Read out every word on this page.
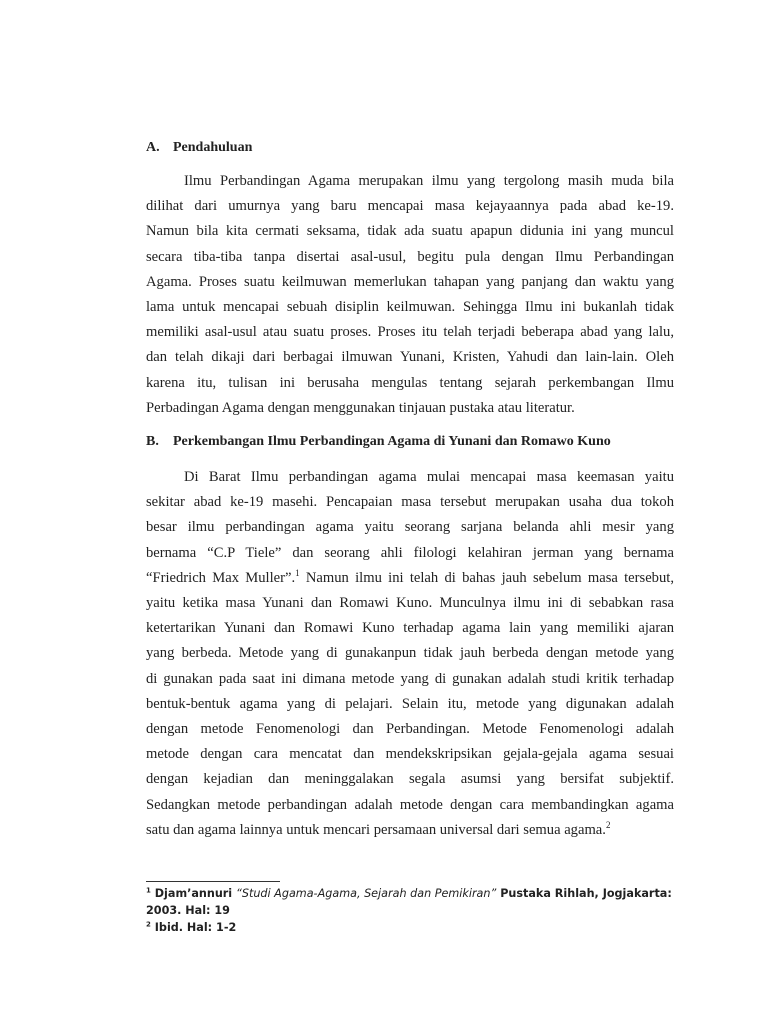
A. Pendahuluan
Ilmu Perbandingan Agama merupakan ilmu yang tergolong masih muda bila
dilihat dari umurnya yang baru mencapai masa kejayaannya pada abad ke-19.
Namun bila kita cermati seksama, tidak ada suatu apapun didunia ini yang muncul
secara tiba-tiba tanpa disertai asal-usul, begitu pula dengan Ilmu Perbandingan
Agama. Proses suatu keilmuwan memerlukan tahapan yang panjang dan waktu yang
lama untuk mencapai sebuah disiplin keilmuwan. Sehingga Ilmu ini bukanlah tidak
memiliki asal-usul atau suatu proses. Proses itu telah terjadi beberapa abad yang lalu,
dan telah dikaji dari berbagai ilmuwan Yunani, Kristen, Yahudi dan lain-lain. Oleh
karena itu, tulisan ini berusaha mengulas tentang sejarah perkembangan Ilmu
Perbadingan Agama dengan menggunakan tinjauan pustaka atau literatur.
B. Perkembangan Ilmu Perbandingan Agama di Yunani dan Romawo Kuno
Di Barat Ilmu perbandingan agama mulai mencapai masa keemasan yaitu
sekitar abad ke-19 masehi. Pencapaian masa tersebut merupakan usaha dua tokoh
besar ilmu perbandingan agama yaitu seorang sarjana belanda ahli mesir yang
bernama “C.P Tiele” dan seorang ahli filologi kelahiran jerman yang bernama
“Friedrich Max Muller”.$^1$ Namun ilmu ini telah di bahas jauh sebelum masa tersebut,
yaitu ketika masa Yunani dan Romawi Kuno. Munculnya ilmu ini di sebabkan rasa
ketertarikan Yunani dan Romawi Kuno terhadap agama lain yang memiliki ajaran
yang berbeda. Metode yang di gunakanpun tidak jauh berbeda dengan metode yang
di gunakan pada saat ini dimana metode yang di gunakan adalah studi kritik terhadap
bentuk-bentuk agama yang di pelajari. Selain itu, metode yang digunakan adalah
dengan metode Fenomenologi dan Perbandingan. Metode Fenomenologi adalah
metode dengan cara mencatat dan mendekskripsikan gejala-gejala agama sesuai
dengan kejadian dan meninggalakan segala asumsi yang bersifat subjektif.
Sedangkan metode perbandingan adalah metode dengan cara membandingkan agama
satu dan agama lainnya untuk mencari persamaan universal dari semua agama.$^2$
$^1$ Djam’annuri “Studi Agama-Agama, Sejarah dan Pemikiran” Pustaka Rihlah, Jogjakarta:
2003. Hal: 19
$^2$ Ibid. Hal: 1-2
